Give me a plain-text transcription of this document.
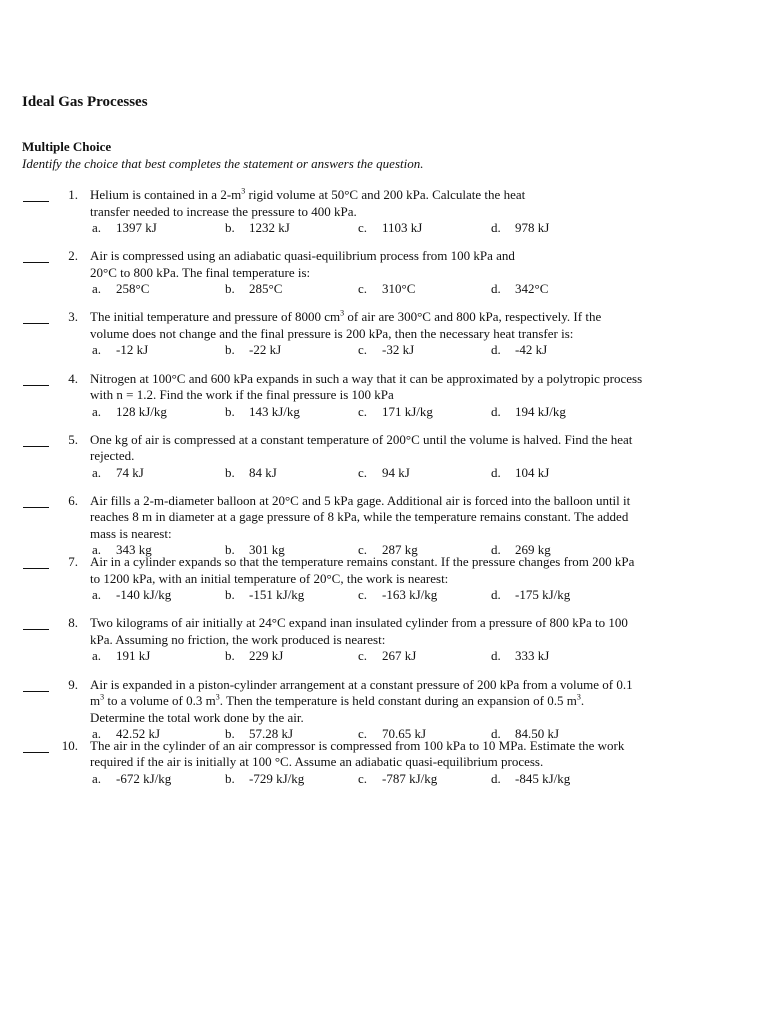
Ideal Gas Processes
Multiple Choice

Identify the choice that best completes the statement or answers the question.

1. Helium is contained in a $2-m^3$ rigid volume at 50°C and 200 kPa. Calculate the heat
transfer needed to increase the pressure to 400 kPa.
a.	1397 kJ	b.	1232 kJ	c.	1103 kJ	d.	978 kJ
2. Air is compressed using an adiabatic quasi-equilibrium process from 100 kPa and
20°C to 800 kPa. The final temperature is:
a.	258°C	b.	285°C	c.	310°C	d.	342°C
3. The initial temperature and pressure of 8000 $cm^3$ of air are 300°C and 800 kPa, respectively. If the
volume does not change and the final pressure is 200 kPa, then the necessary heat transfer is:
a.	-12 kJ	b.	-22 kJ	c.	-32 kJ	d.	-42 kJ
4. Nitrogen at 100°C and 600 kPa expands in such a way that it can be approximated by a polytropic process
with n = 1.2. Find the work if the final pressure is 100 kPa
a.	128 kJ/kg	b.	143 kJ/kg	c.	171 kJ/kg	d.	194 kJ/kg
5. One kg of air is compressed at a constant temperature of 200°C until the volume is halved. Find the heat
rejected.
a.	74 kJ	b.	84 kJ	c.	94 kJ	d.	104 kJ
6. Air fills a 2-m-diameter balloon at 20°C and 5 kPa gage. Additional air is forced into the balloon until it
reaches 8 m in diameter at a gage pressure of 8 kPa, while the temperature remains constant. The added
mass is nearest:
a.	343 kg	b.	301 kg	c.	287 kg	d.	269 kg
7. Air in a cylinder expands so that the temperature remains constant. If the pressure changes from 200 kPa
to 1200 kPa, with an initial temperature of 20°C, the work is nearest:
a.	-140 kJ/kg	b.	-151 kJ/kg	c.	-163 kJ/kg	d.	-175 kJ/kg
8. Two kilograms of air initially at 24°C expand inan insulated cylinder from a pressure of 800 kPa to 100
kPa. Assuming no friction, the work produced is nearest:
a.	191 kJ	b.	229 kJ	c.	267 kJ	d.	333 kJ
9. Air is expanded in a piston-cylinder arrangement at a constant pressure of 200 kPa from a volume of 0.1
$m^3$ to a volume of 0.3 $m^3$. Then the temperature is held constant during an expansion of 0.5 $m^3$.
Determine the total work done by the air.
a.	42.52 kJ	b.	57.28 kJ	c.	70.65 kJ	d.	84.50 kJ
10. The air in the cylinder of an air compressor is compressed from 100 kPa to 10 MPa. Estimate the work
required if the air is initially at 100 °C. Assume an adiabatic quasi-equilibrium process.
a.	-672 kJ/kg	b.	-729 kJ/kg	c.	-787 kJ/kg	d.	-845 kJ/kg
